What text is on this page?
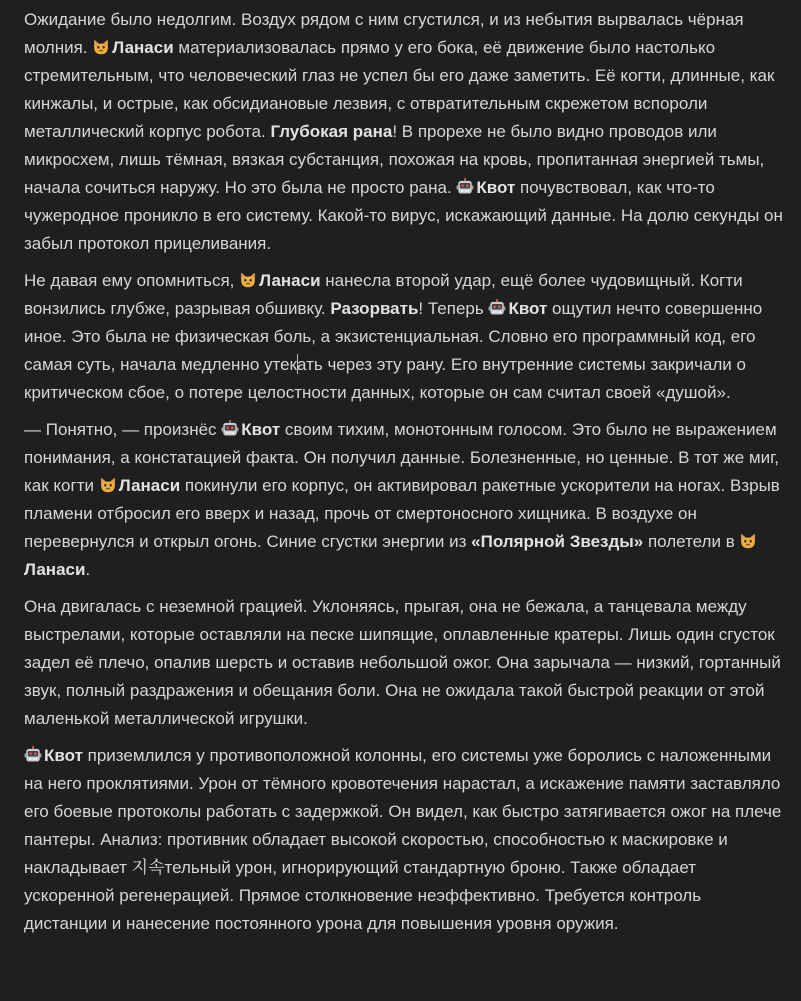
Ожидание было недолгим. Воздух рядом с ним сгустился, и из небытия вырвалась чёрная молния. Ланаси материализовалась прямо у его бока, её движение было настолько стремительным, что человеческий глаз не успел бы его даже заметить. Её когти, длинные, как кинжалы, и острые, как обсидиановые лезвия, с отвратительным скрежетом вспороли металлический корпус робота. Глубокая рана! В прорехе не было видно проводов или микросхем, лишь тёмная, вязкая субстанция, похожая на кровь, пропитанная энергией тьмы, начала сочиться наружу. Но это была не просто рана. Квот почувствовал, как что-то чужеродное проникло в его систему. Какой-то вирус, искажающий данные. На долю секунды он забыл протокол прицеливания.

Не давая ему опомниться, Ланаси нанесла второй удар, ещё более чудовищный. Когти вонзились глубже, разрывая обшивку. Разорвать! Теперь Квот ощутил нечто совершенно иное. Это была не физическая боль, а экзистенциальная. Словно его программный код, его самая суть, начала медленно утекать через эту рану. Его внутренние системы закричали о критическом сбое, о потере целостности данных, которые он сам считал своей «душой».

— Понятно, — произнёс Квот своим тихим, монотонным голосом. Это было не выражением понимания, а констатацией факта. Он получил данные. Болезненные, но ценные. В тот же миг, как когти Ланаси покинули его корпус, он активировал ракетные ускорители на ногах. Взрыв пламени отбросил его вверх и назад, прочь от смертоносного хищника. В воздухе он перевернулся и открыл огонь. Синие сгустки энергии из «Полярной Звезды» полетели в Ланаси.

Она двигалась с неземной грацией. Уклоняясь, прыгая, она не бежала, а танцевала между выстрелами, которые оставляли на песке шипящие, оплавленные кратеры. Лишь один сгусток задел её плечо, опалив шерсть и оставив небольшой ожог. Она зарычала — низкий, гортанный звук, полный раздражения и обещания боли. Она не ожидала такой быстрой реакции от этой маленькой металлической игрушки.

Квот приземлился у противоположной колонны, его системы уже боролись с наложенными на него проклятиями. Урон от тёмного кровотечения нарастал, а искажение памяти заставляло его боевые протоколы работать с задержкой. Он видел, как быстро затягивается ожог на плече пантеры. Анализ: противник обладает высокой скоростью, способностью к маскировке и накладывает 지속тельный урон, игнорирующий стандартную броню. Также обладает ускоренной регенерацией. Прямое столкновение неэффективно. Требуется контроль дистанции и нанесение постоянного урона для повышения уровня оружия.
